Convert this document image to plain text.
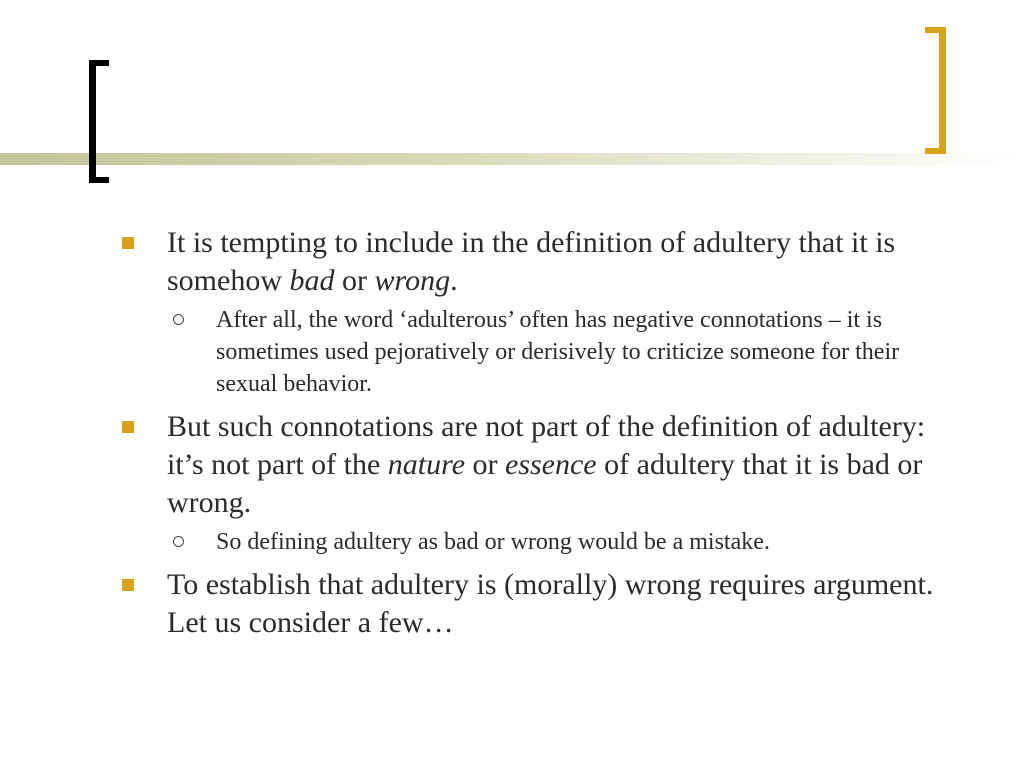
It is tempting to include in the definition of adultery that it is somehow bad or wrong.
After all, the word ‘adulterous’ often has negative connotations – it is sometimes used pejoratively or derisively to criticize someone for their sexual behavior.
But such connotations are not part of the definition of adultery: it’s not part of the nature or essence of adultery that it is bad or wrong.
So defining adultery as bad or wrong would be a mistake.
To establish that adultery is (morally) wrong requires argument. Let us consider a few…
